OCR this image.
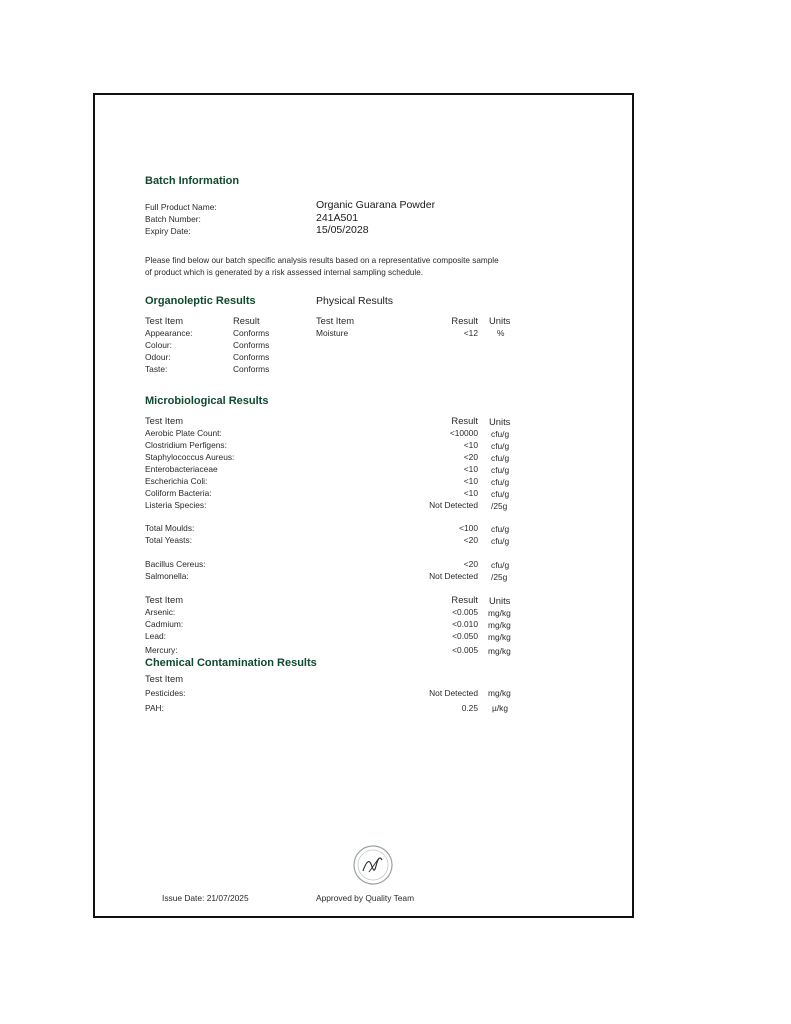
Batch Information
Full Product Name:	Organic Guarana Powder
Batch Number:	241A501
Expiry Date:	15/05/2028
Please find below our batch specific analysis results based on a representative composite sample of product which is generated by a risk assessed internal sampling schedule.
Organoleptic Results
Test Item	Result
Appearance:	Conforms
Colour:	Conforms
Odour:	Conforms
Taste:	Conforms
Physical Results
Test Item	Result Units
Moisture	<12 %
Microbiological Results
Test Item	Result Units
Aerobic Plate Count:	<10000 cfu/g
Clostridium Perfigens:	<10 cfu/g
Staphylococcus Aureus:	<20 cfu/g
Enterobacteriaceae	<10 cfu/g
Escherichia Coli:	<10 cfu/g
Coliform Bacteria:	<10 cfu/g
Listeria Species:	Not Detected /25g
Total Moulds:	<100 cfu/g
Total Yeasts:	<20 cfu/g
Bacillus Cereus:	<20 cfu/g
Salmonella:	Not Detected /25g
Test Item	Result Units
Arsenic:	<0.005 mg/kg
Cadmium:	<0.010 mg/kg
Lead:	<0.050 mg/kg
Mercury:	<0.005 mg/kg
Chemical Contamination Results
Test Item
Pesticides:	Not Detected mg/kg
PAH:	0.25 µ/kg
Issue Date: 21/07/2025	Approved by Quality Team
